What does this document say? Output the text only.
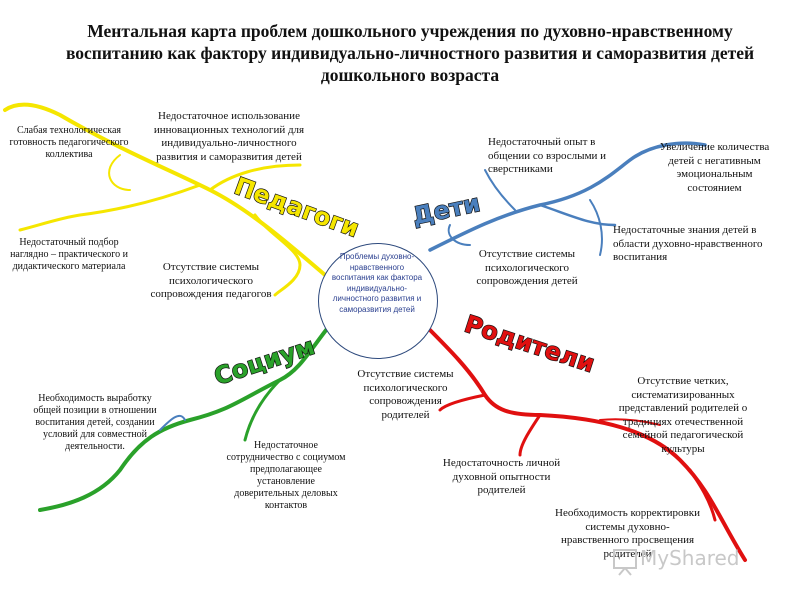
Педагоги Дети
Социум	Родители
Ментальная карта проблем дошкольного учреждения по духовно-нравственному воспитанию как фактору индивидуально-личностного развития и саморазвития детей дошкольного возраста
Проблемы духовно-нравственного воспитания как фактора индивидуально-личностного развития и саморазвития детей
Слабая технологическая готовность педагогического коллектива
Недостаточное использование инновационных технологий для индивидуально-личностного развития и саморазвития детей
Недостаточный подбор наглядно – практического и дидактического материала	Отсутствие системы психологического сопровождения педагогов
Недостаточный опыт в общении со взрослыми и сверстниками
Увеличение количества детей с негативным эмоциональным состоянием
Недостаточные знания детей в области духовно-нравственного воспитания
Отсутствие системы психологического сопровождения детей
Необходимость выработку общей позиции в отношении воспитания детей, создании условий для совместной деятельности.	Недостаточное сотрудничество с социумом предполагающее установление доверительных деловых контактов
Отсутствие системы психологического сопровождения родителей
Отсутствие четких, систематизированных представлений родителей о традициях отечественной семейной педагогической культуры
Недостаточность личной духовной опытности родителей
Необходимость корректировки системы духовно-нравственного просвещения родителей
MyShared
